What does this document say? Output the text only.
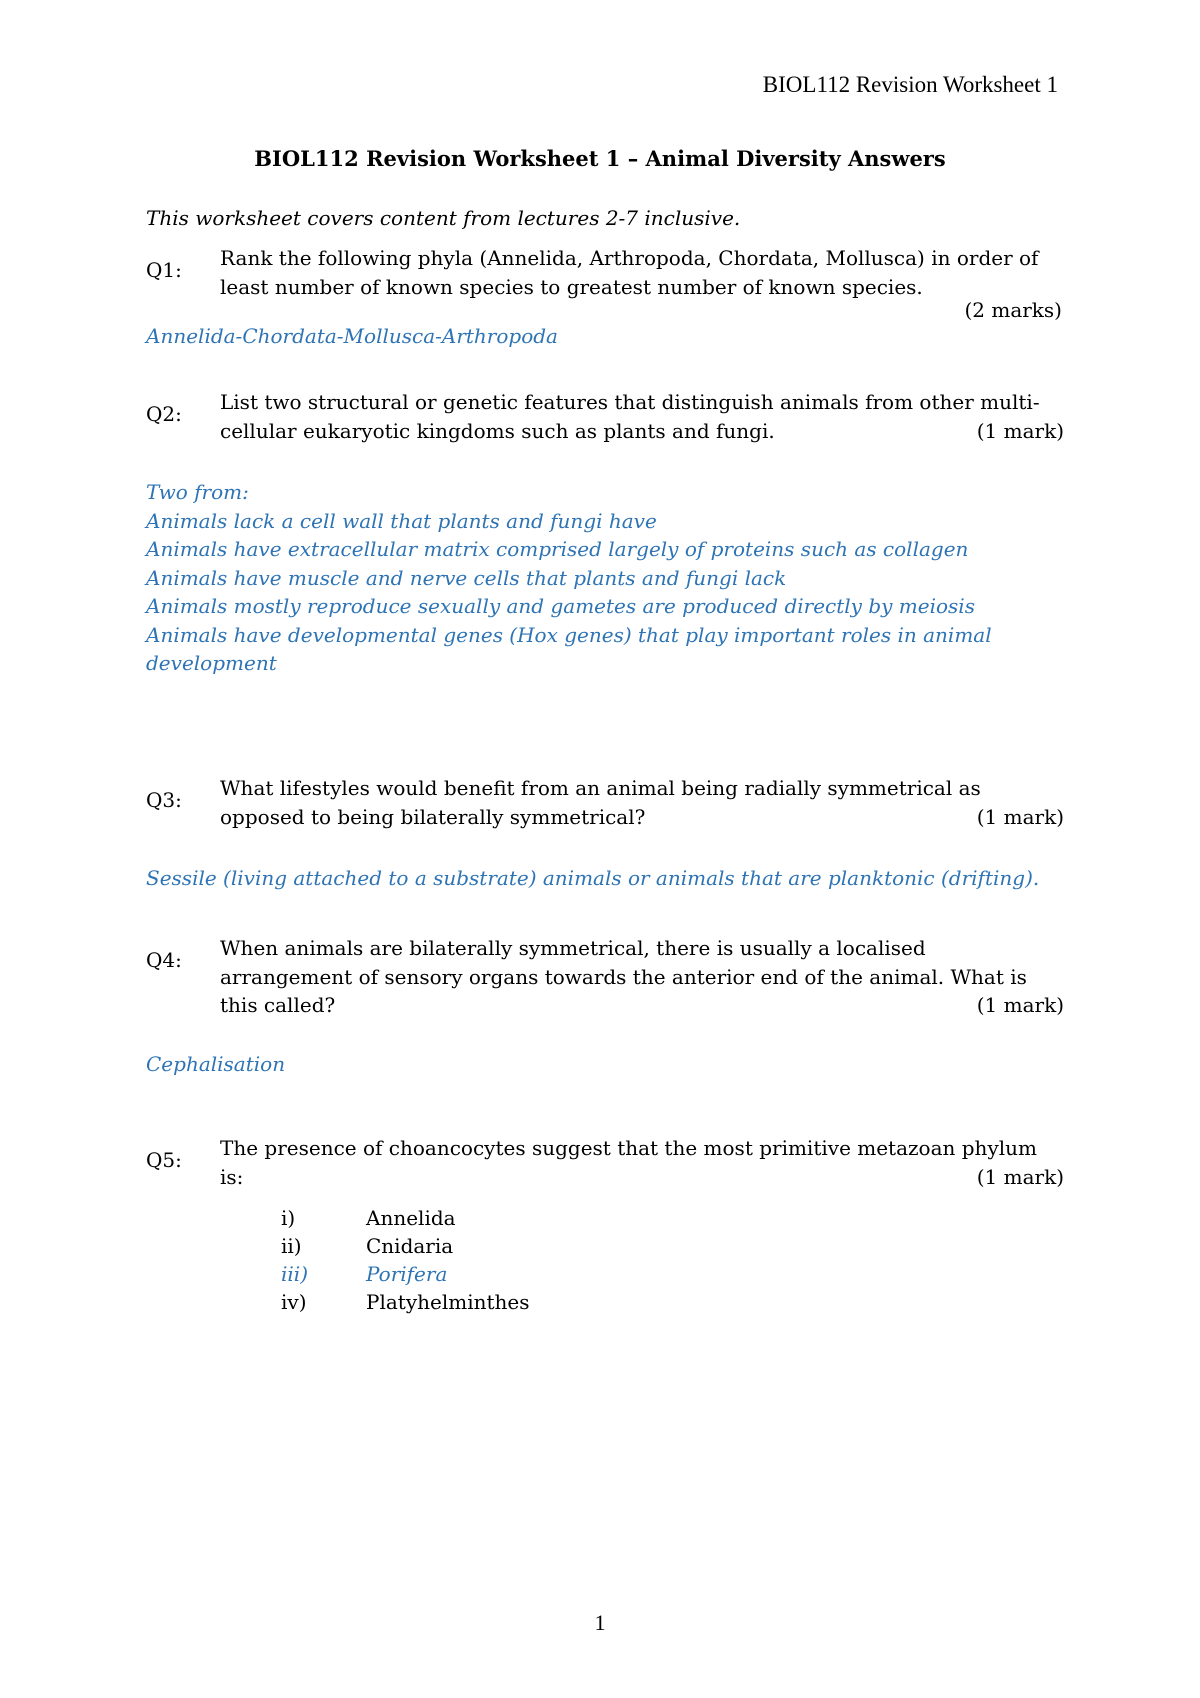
BIOL112 Revision Worksheet 1
BIOL112 Revision Worksheet 1 – Animal Diversity Answers
This worksheet covers content from lectures 2-7 inclusive.
Q1: Rank the following phyla (Annelida, Arthropoda, Chordata, Mollusca) in order of
least number of known species to greatest number of known species.
(2 marks)
Annelida-Chordata-Mollusca-Arthropoda
Q2: List two structural or genetic features that distinguish animals from other multi-
cellular eukaryotic kingdoms such as plants and fungi.	(1 mark)
Two from:
Animals lack a cell wall that plants and fungi have
Animals have extracellular matrix comprised largely of proteins such as collagen
Animals have muscle and nerve cells that plants and fungi lack
Animals mostly reproduce sexually and gametes are produced directly by meiosis
Animals have developmental genes (Hox genes) that play important roles in animal
development
Q3: What lifestyles would benefit from an animal being radially symmetrical as
opposed to being bilaterally symmetrical?	(1 mark)
Sessile (living attached to a substrate) animals or animals that are planktonic (drifting).
Q4: When animals are bilaterally symmetrical, there is usually a localised
arrangement of sensory organs towards the anterior end of the animal. What is
this called?	(1 mark)
Cephalisation
Q5: The presence of choancocytes suggest that the most primitive metazoan phylum
is:	(1 mark)
i)	Annelida
ii)	Cnidaria
iii)	Porifera
iv)	Platyhelminthes
1
